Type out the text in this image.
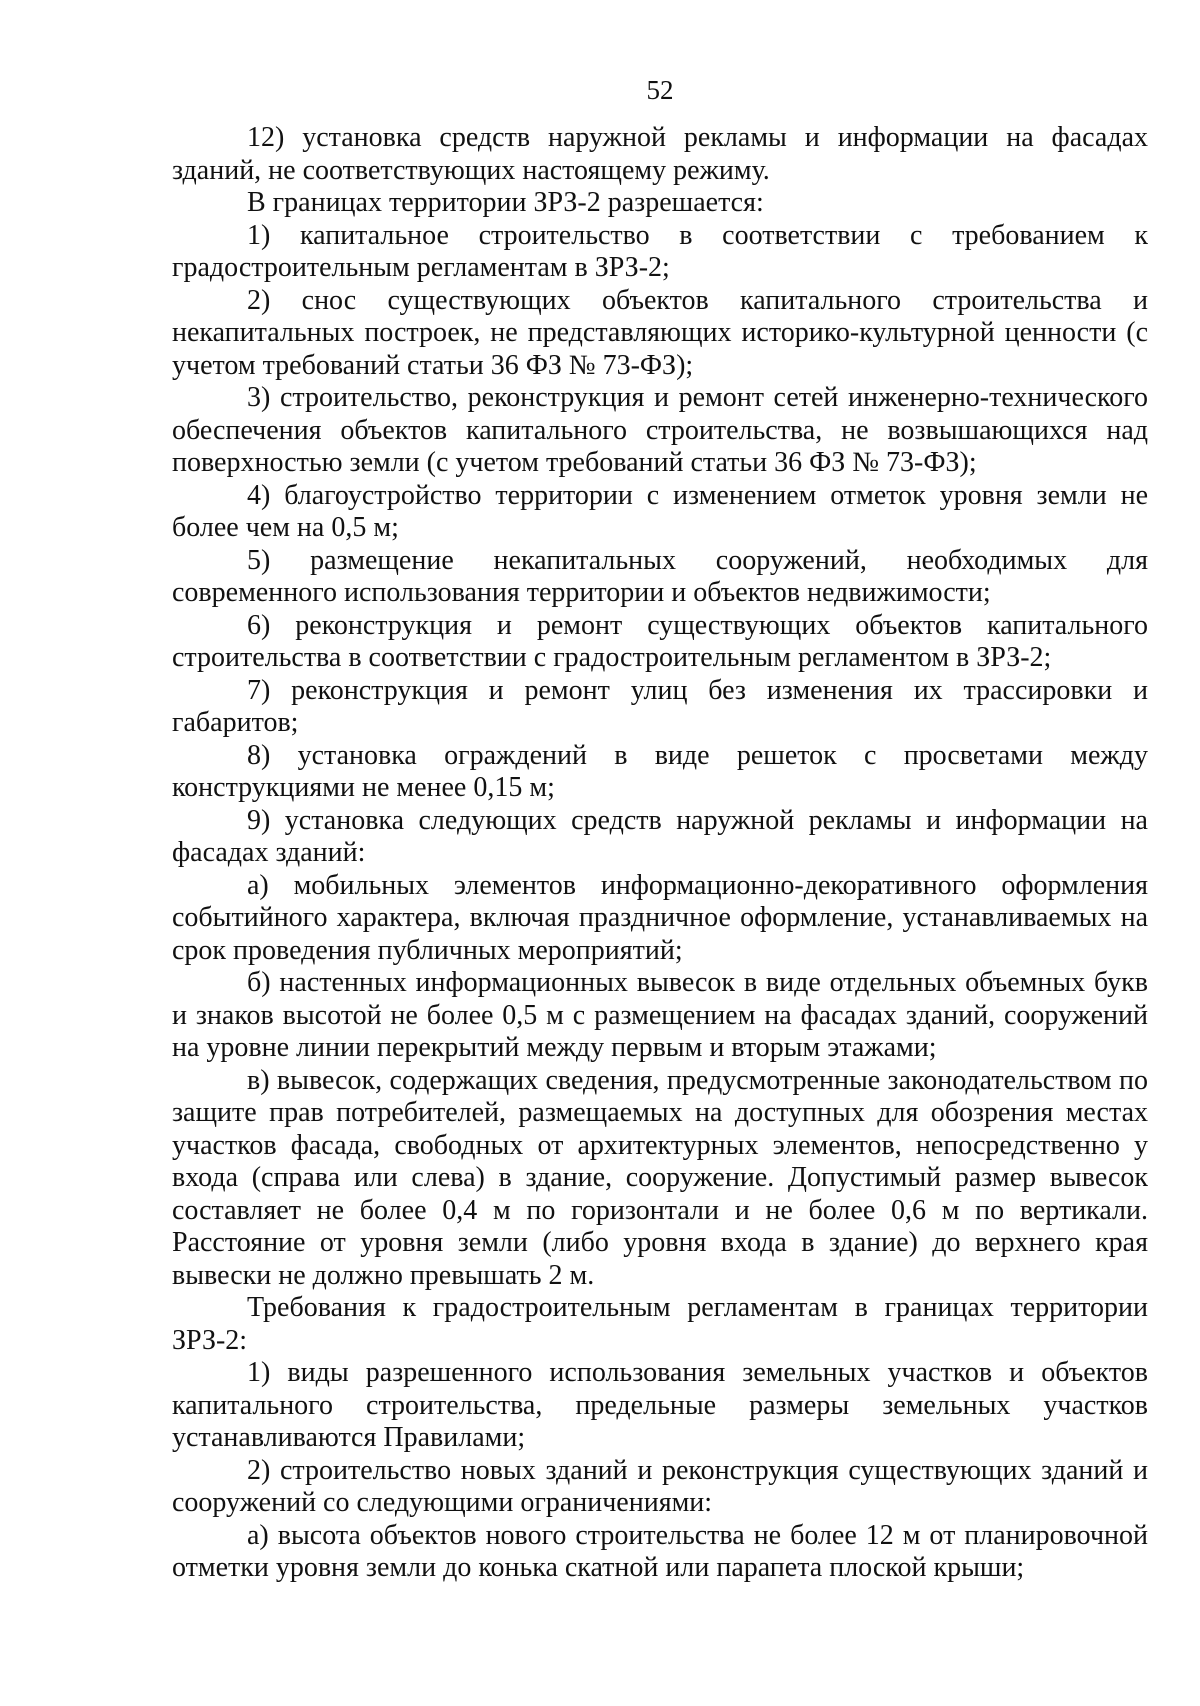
52

12) установка средств наружной рекламы и информации на фасадах зданий, не соответствующих настоящему режиму.

В границах территории ЗРЗ-2 разрешается:

1) капитальное строительство в соответствии с требованием к градостроительным регламентам в ЗРЗ-2;

2) снос существующих объектов капитального строительства и некапитальных построек, не представляющих историко-культурной ценности (с учетом требований статьи 36 ФЗ № 73-ФЗ);

3) строительство, реконструкция и ремонт сетей инженерно-технического обеспечения объектов капитального строительства, не возвышающихся над поверхностью земли (с учетом требований статьи 36 ФЗ № 73-ФЗ);

4) благоустройство территории с изменением отметок уровня земли не более чем на 0,5 м;

5) размещение некапитальных сооружений, необходимых для современного использования территории и объектов недвижимости;

6) реконструкция и ремонт существующих объектов капитального строительства в соответствии с градостроительным регламентом в ЗРЗ-2;

7) реконструкция и ремонт улиц без изменения их трассировки и габаритов;

8) установка ограждений в виде решеток с просветами между конструкциями не менее 0,15 м;

9) установка следующих средств наружной рекламы и информации на фасадах зданий:

а) мобильных элементов информационно-декоративного оформления событийного характера, включая праздничное оформление, устанавливаемых на срок проведения публичных мероприятий;

б) настенных информационных вывесок в виде отдельных объемных букв и знаков высотой не более 0,5 м с размещением на фасадах зданий, сооружений на уровне линии перекрытий между первым и вторым этажами;

в) вывесок, содержащих сведения, предусмотренные законодательством по защите прав потребителей, размещаемых на доступных для обозрения местах участков фасада, свободных от архитектурных элементов, непосредственно у входа (справа или слева) в здание, сооружение. Допустимый размер вывесок составляет не более 0,4 м по горизонтали и не более 0,6 м по вертикали. Расстояние от уровня земли (либо уровня входа в здание) до верхнего края вывески не должно превышать 2 м.

Требования к градостроительным регламентам в границах территории ЗРЗ-2:

1) виды разрешенного использования земельных участков и объектов капитального строительства, предельные размеры земельных участков устанавливаются Правилами;

2) строительство новых зданий и реконструкция существующих зданий и сооружений со следующими ограничениями:

а) высота объектов нового строительства не более 12 м от планировочной отметки уровня земли до конька скатной или парапета плоской крыши;
